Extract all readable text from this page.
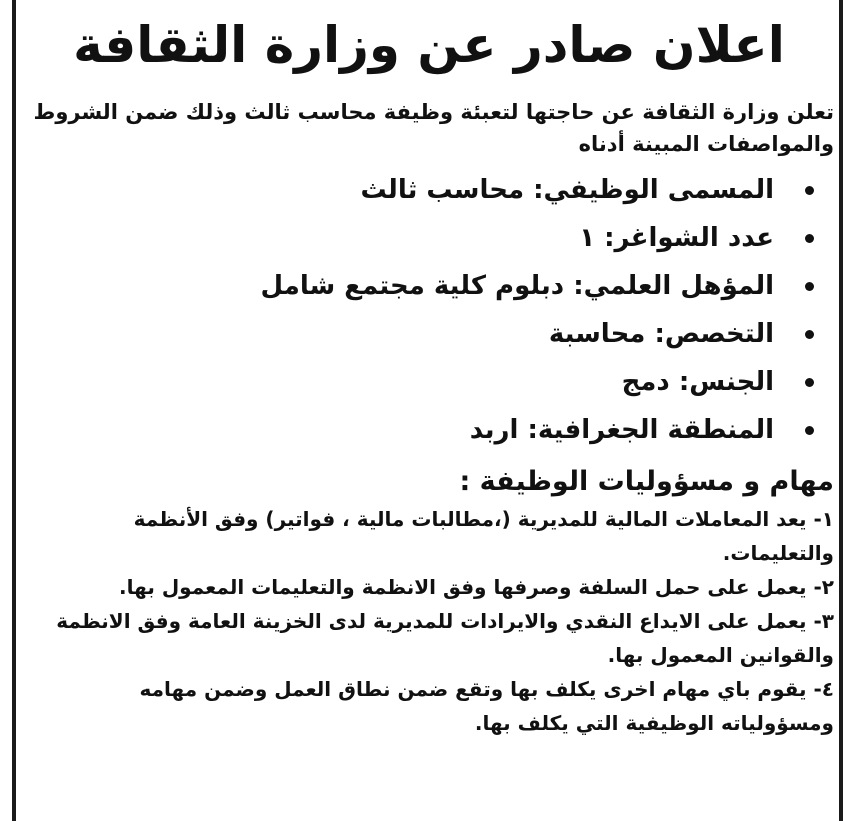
اعلان صادر عن وزارة الثقافة
تعلن وزارة الثقافة عن حاجتها لتعبئة وظيفة محاسب ثالث وذلك ضمن الشروط والمواصفات المبينة أدناه
المسمى الوظيفي: محاسب ثالث
عدد الشواغر: ١
المؤهل العلمي: دبلوم كلية مجتمع شامل
التخصص: محاسبة
الجنس: دمج
المنطقة الجغرافية: اربد
مهام و مسؤوليات الوظيفة :
١- يعد المعاملات المالية للمديرية (،مطالبات مالية ، فواتير) وفق الأنظمة والتعليمات.
٢- يعمل على حمل السلفة وصرفها وفق الانظمة والتعليمات المعمول بها.
٣- يعمل على الايداع النقدي والايرادات للمديرية لدى الخزينة العامة وفق الانظمة والقوانين المعمول بها.
٤- يقوم باي مهام اخرى يكلف بها وتقع ضمن نطاق العمل وضمن مهامه ومسؤولياته الوظيفية التي يكلف بها.
